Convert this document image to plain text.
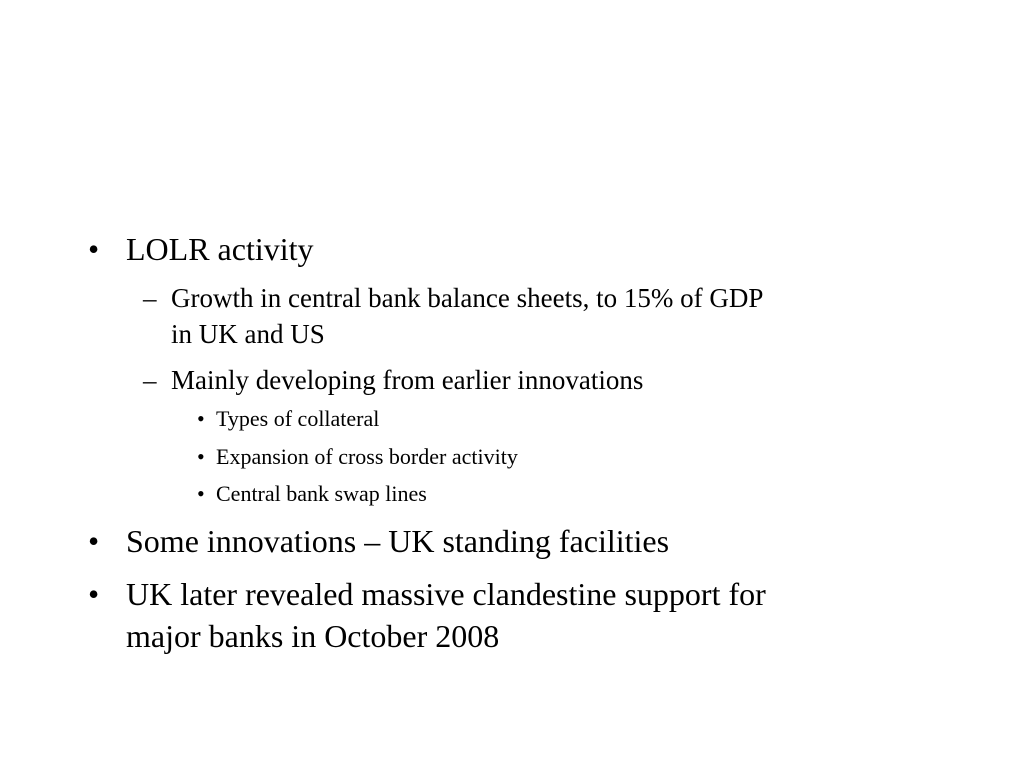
• LOLR activity
– Growth in central bank balance sheets, to 15% of GDP
in UK and US
– Mainly developing from earlier innovations
• Types of collateral
• Expansion of cross border activity
• Central bank swap lines
• Some innovations – UK standing facilities
• UK later revealed massive clandestine support for
major banks in October 2008
